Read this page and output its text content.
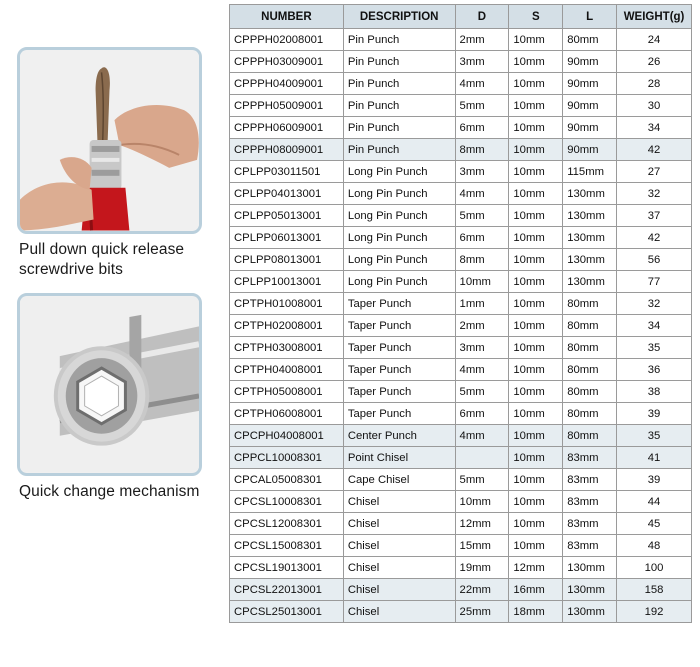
Pull down quick release screwdrive bits
Quick change mechanism
NUMBER	DESCRIPTION	D	S	L	WEIGHT(g)
CPPPH02008001	Pin Punch	2mm	10mm	80mm	24
CPPPH03009001	Pin Punch	3mm	10mm	90mm	26
CPPPH04009001	Pin Punch	4mm	10mm	90mm	28
CPPPH05009001	Pin Punch	5mm	10mm	90mm	30
CPPPH06009001	Pin Punch	6mm	10mm	90mm	34
CPPPH08009001	Pin Punch	8mm	10mm	90mm	42
CPLPP03011501	Long Pin Punch	3mm	10mm	115mm	27
CPLPP04013001	Long Pin Punch	4mm	10mm	130mm	32
CPLPP05013001	Long Pin Punch	5mm	10mm	130mm	37
CPLPP06013001	Long Pin Punch	6mm	10mm	130mm	42
CPLPP08013001	Long Pin Punch	8mm	10mm	130mm	56
CPLPP10013001	Long Pin Punch	10mm	10mm	130mm	77
CPTPH01008001	Taper Punch	1mm	10mm	80mm	32
CPTPH02008001	Taper Punch	2mm	10mm	80mm	34
CPTPH03008001	Taper Punch	3mm	10mm	80mm	35
CPTPH04008001	Taper Punch	4mm	10mm	80mm	36
CPTPH05008001	Taper Punch	5mm	10mm	80mm	38
CPTPH06008001	Taper Punch	6mm	10mm	80mm	39
CPCPH04008001	Center Punch	4mm	10mm	80mm	35
CPPCL10008301	Point Chisel		10mm	83mm	41
CPCAL05008301	Cape Chisel	5mm	10mm	83mm	39
CPCSL10008301	Chisel	10mm	10mm	83mm	44
CPCSL12008301	Chisel	12mm	10mm	83mm	45
CPCSL15008301	Chisel	15mm	10mm	83mm	48
CPCSL19013001	Chisel	19mm	12mm	130mm	100
CPCSL22013001	Chisel	22mm	16mm	130mm	158
CPCSL25013001	Chisel	25mm	18mm	130mm	192
